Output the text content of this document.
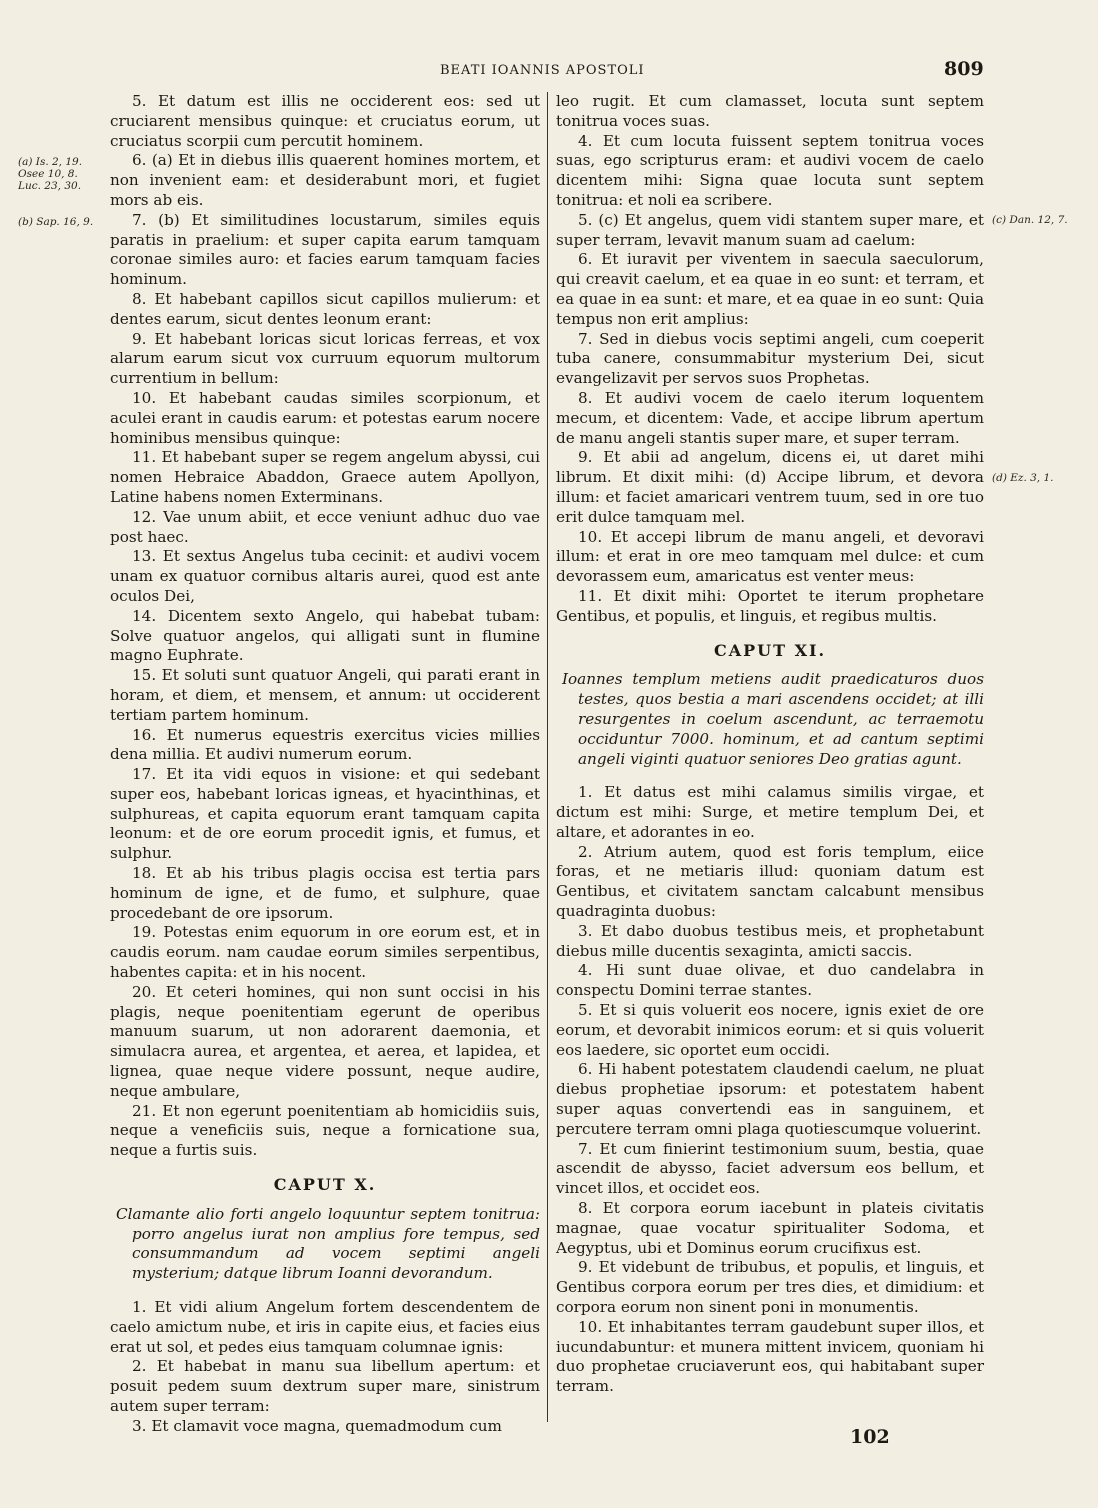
BEATI IOANNIS APOSTOLI	809
(a) Is. 2, 19. Osee 10, 8. Luc. 23, 30.
(b) Sap. 16, 9.	(c) Dan. 12, 7.
(d) Ez. 3, 1.

5. Et datum est illis ne occiderent eos: sed ut cruciarent mensibus quinque: et cruciatus eorum, ut cruciatus scorpii cum percutit hominem.

6. (a) Et in diebus illis quaerent homines mortem, et non invenient eam: et desiderabunt mori, et fugiet mors ab eis.

7. (b) Et similitudines locustarum, similes equis paratis in praelium: et super capita earum tamquam coronae similes auro: et facies earum tamquam facies hominum.

8. Et habebant capillos sicut capillos mulierum: et dentes earum, sicut dentes leonum erant:

9. Et habebant loricas sicut loricas ferreas, et vox alarum earum sicut vox curruum equorum multorum currentium in bellum:

10. Et habebant caudas similes scorpionum, et aculei erant in caudis earum: et potestas earum nocere hominibus mensibus quinque:

11. Et habebant super se regem angelum abyssi, cui nomen Hebraice Abaddon, Graece autem Apollyon, Latine habens nomen Exterminans.

12. Vae unum abiit, et ecce veniunt adhuc duo vae post haec.

13. Et sextus Angelus tuba cecinit: et audivi vocem unam ex quatuor cornibus altaris aurei, quod est ante oculos Dei,

14. Dicentem sexto Angelo, qui habebat tubam: Solve quatuor angelos, qui alligati sunt in flumine magno Euphrate.

15. Et soluti sunt quatuor Angeli, qui parati erant in horam, et diem, et mensem, et annum: ut occiderent tertiam partem hominum.

16. Et numerus equestris exercitus vicies millies dena millia. Et audivi numerum eorum.

17. Et ita vidi equos in visione: et qui sedebant super eos, habebant loricas igneas, et hyacinthinas, et sulphureas, et capita equorum erant tamquam capita leonum: et de ore eorum procedit ignis, et fumus, et sulphur.

18. Et ab his tribus plagis occisa est tertia pars hominum de igne, et de fumo, et sulphure, quae procedebant de ore ipsorum.

19. Potestas enim equorum in ore eorum est, et in caudis eorum. nam caudae eorum similes serpentibus, habentes capita: et in his nocent.

20. Et ceteri homines, qui non sunt occisi in his plagis, neque poenitentiam egerunt de operibus manuum suarum, ut non adorarent daemonia, et simulacra aurea, et argentea, et aerea, et lapidea, et lignea, quae neque videre possunt, neque audire, neque ambulare,

21. Et non egerunt poenitentiam ab homicidiis suis, neque a veneficiis suis, neque a fornicatione sua, neque a furtis suis.

CAPUT X.

Clamante alio forti angelo loquuntur septem tonitrua: porro angelus iurat non amplius fore tempus, sed consummandum ad vocem septimi angeli mysterium; datque librum Ioanni devorandum.

1. Et vidi alium Angelum fortem descendentem de caelo amictum nube, et iris in capite eius, et facies eius erat ut sol, et pedes eius tamquam columnae ignis:

2. Et habebat in manu sua libellum apertum: et posuit pedem suum dextrum super mare, sinistrum autem super terram:

3. Et clamavit voce magna, quemadmodum cum

leo rugit. Et cum clamasset, locuta sunt septem tonitrua voces suas.

4. Et cum locuta fuissent septem tonitrua voces suas, ego scripturus eram: et audivi vocem de caelo dicentem mihi: Signa quae locuta sunt septem tonitrua: et noli ea scribere.

5. (c) Et angelus, quem vidi stantem super mare, et super terram, levavit manum suam ad caelum:

6. Et iuravit per viventem in saecula saeculorum, qui creavit caelum, et ea quae in eo sunt: et terram, et ea quae in ea sunt: et mare, et ea quae in eo sunt: Quia tempus non erit amplius:

7. Sed in diebus vocis septimi angeli, cum coeperit tuba canere, consummabitur mysterium Dei, sicut evangelizavit per servos suos Prophetas.

8. Et audivi vocem de caelo iterum loquentem mecum, et dicentem: Vade, et accipe librum apertum de manu angeli stantis super mare, et super terram.

9. Et abii ad angelum, dicens ei, ut daret mihi librum. Et dixit mihi: (d) Accipe librum, et devora illum: et faciet amaricari ventrem tuum, sed in ore tuo erit dulce tamquam mel.

10. Et accepi librum de manu angeli, et devoravi illum: et erat in ore meo tamquam mel dulce: et cum devorassem eum, amaricatus est venter meus:

11. Et dixit mihi: Oportet te iterum prophetare Gentibus, et populis, et linguis, et regibus multis.

CAPUT XI.

Ioannes templum metiens audit praedicaturos duos testes, quos bestia a mari ascendens occidet; at illi resurgentes in coelum ascendunt, ac terraemotu occiduntur 7000. hominum, et ad cantum septimi angeli viginti quatuor seniores Deo gratias agunt.

1. Et datus est mihi calamus similis virgae, et dictum est mihi: Surge, et metire templum Dei, et altare, et adorantes in eo.

2. Atrium autem, quod est foris templum, eiice foras, et ne metiaris illud: quoniam datum est Gentibus, et civitatem sanctam calcabunt mensibus quadraginta duobus:

3. Et dabo duobus testibus meis, et prophetabunt diebus mille ducentis sexaginta, amicti saccis.

4. Hi sunt duae olivae, et duo candelabra in conspectu Domini terrae stantes.

5. Et si quis voluerit eos nocere, ignis exiet de ore eorum, et devorabit inimicos eorum: et si quis voluerit eos laedere, sic oportet eum occidi.

6. Hi habent potestatem claudendi caelum, ne pluat diebus prophetiae ipsorum: et potestatem habent super aquas convertendi eas in sanguinem, et percutere terram omni plaga quotiescumque voluerint.

7. Et cum finierint testimonium suum, bestia, quae ascendit de abysso, faciet adversum eos bellum, et vincet illos, et occidet eos.

8. Et corpora eorum iacebunt in plateis civitatis magnae, quae vocatur spiritualiter Sodoma, et Aegyptus, ubi et Dominus eorum crucifixus est.

9. Et videbunt de tribubus, et populis, et linguis, et Gentibus corpora eorum per tres dies, et dimidium: et corpora eorum non sinent poni in monumentis.

10. Et inhabitantes terram gaudebunt super illos, et iucundabuntur: et munera mittent invicem, quoniam hi duo prophetae cruciaverunt eos, qui habitabant super terram.

102
